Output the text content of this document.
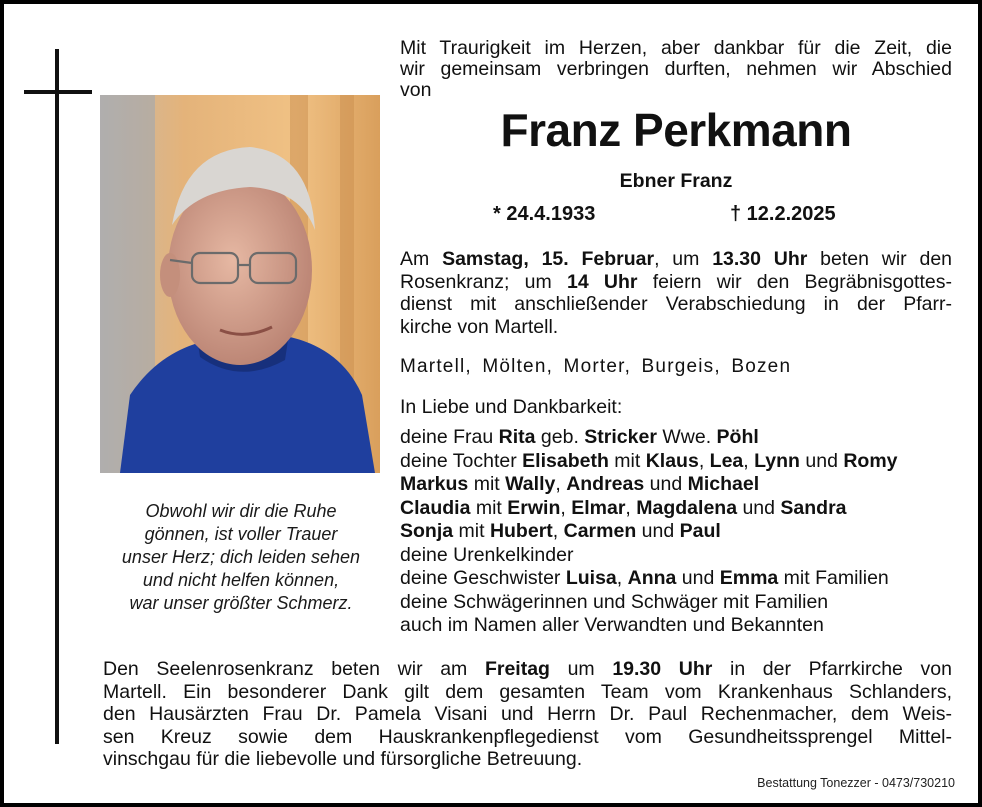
Obwohl wir dir die Ruhe
gönnen, ist voller Trauer
unser Herz; dich leiden sehen
und nicht helfen können,
war unser größter Schmerz.
Mit Traurigkeit im Herzen, aber dankbar für die Zeit, die
wir gemeinsam verbringen durften, nehmen wir Abschied
von
Franz Perkmann
Ebner Franz
* 24.4.1933	† 12.2.2025
Am Samstag, 15. Februar, um 13.30 Uhr beten wir den
Rosenkranz; um 14 Uhr feiern wir den Begräbnisgottes-
dienst mit anschließender Verabschiedung in der Pfarr-
kirche von Martell.
Martell, Mölten, Morter, Burgeis, Bozen
In Liebe und Dankbarkeit:
deine Frau Rita geb. Stricker Wwe. Pöhl
deine Tochter Elisabeth mit Klaus, Lea, Lynn und Romy
Markus mit Wally, Andreas und Michael
Claudia mit Erwin, Elmar, Magdalena und Sandra
Sonja mit Hubert, Carmen und Paul
deine Urenkelkinder
deine Geschwister Luisa, Anna und Emma mit Familien
deine Schwägerinnen und Schwäger mit Familien
auch im Namen aller Verwandten und Bekannten
Den Seelenrosenkranz beten wir am Freitag um 19.30 Uhr in der Pfarrkirche von
Martell. Ein besonderer Dank gilt dem gesamten Team vom Krankenhaus Schlanders,
den Hausärzten Frau Dr. Pamela Visani und Herrn Dr. Paul Rechenmacher, dem Weis-
sen Kreuz sowie dem Hauskrankenpflegedienst vom Gesundheitssprengel Mittel-
vinschgau für die liebevolle und fürsorgliche Betreuung.
Bestattung Tonezzer - 0473/730210
